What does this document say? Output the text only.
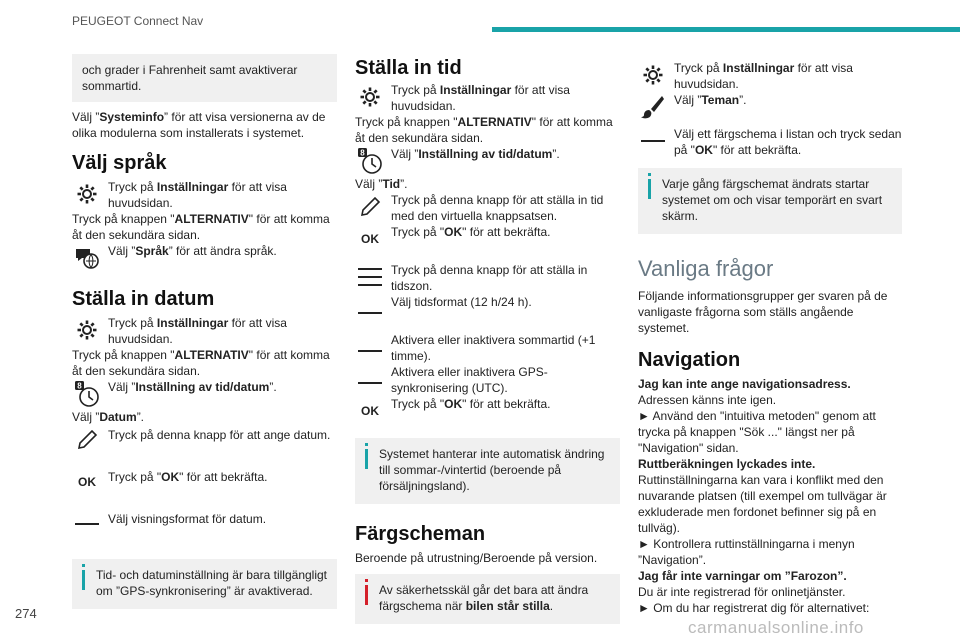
PEUGEOT Connect Nav
274
carmanualsonline.info
och grader i Fahrenheit samt avaktiverar sommartid.

Välj ”Systeminfo” för att visa versionerna av de olika modulerna som installerats i systemet.

Välj språk

Tryck på Inställningar för att visa huvudsidan.

Tryck på knappen "ALTERNATIV" för att komma åt den sekundära sidan.

Välj ”Språk” för att ändra språk.

Ställa in datum

Tryck på Inställningar för att visa huvudsidan.

Tryck på knappen "ALTERNATIV" för att komma åt den sekundära sidan.

8 Välj ”Inställning av tid/datum”.

Välj ”Datum”.

Tryck på denna knapp för att ange datum.

OK Tryck på "OK" för att bekräfta.

Välj visningsformat för datum.

Tid- och datuminställning är bara tillgängligt om ”GPS-synkronisering” är avaktiverad.
Ställa in tid

Tryck på Inställningar för att visa huvudsidan.

Tryck på knappen "ALTERNATIV" för att komma åt den sekundära sidan.

8 Välj ”Inställning av tid/datum”.

Välj ”Tid”.

Tryck på denna knapp för att ställa in tid med den virtuella knappsatsen.

OK Tryck på "OK" för att bekräfta.

Tryck på denna knapp för att ställa in tidszon.

Välj tidsformat (12 h/24 h).

Aktivera eller inaktivera sommartid (+1 timme).

Aktivera eller inaktivera GPS-synkronisering (UTC).

OK Tryck på "OK" för att bekräfta.

Systemet hanterar inte automatisk ändring till sommar-/vintertid (beroende på försäljningsland).
Färgscheman

Beroende på utrustning/Beroende på version.

Av säkerhetsskäl går det bara att ändra färgschema när bilen står stilla.

Tryck på Inställningar för att visa huvudsidan.

Välj ”Teman”.

Välj ett färgschema i listan och tryck sedan på "OK" för att bekräfta.

Varje gång färgschemat ändrats startar systemet om och visar temporärt en svart skärm.
Vanliga frågor

Följande informationsgrupper ger svaren på de vanligaste frågorna som ställs angående systemet.

Navigation

Jag kan inte ange navigationsadress.

Adressen känns inte igen.

► Använd den "intuitiva metoden" genom att trycka på knappen "Sök ..." längst ner på "Navigation" sidan.

Ruttberäkningen lyckades inte.

Ruttinställningarna kan vara i konflikt med den nuvarande platsen (till exempel om tullvägar är exkluderade men fordonet befinner sig på en tullväg).

► Kontrollera ruttinställningarna i menyn ”Navigation”.

Jag får inte varningar om ”Farozon”.

Du är inte registrerad för onlinetjänster.

► Om du har registrerat dig för alternativet:
